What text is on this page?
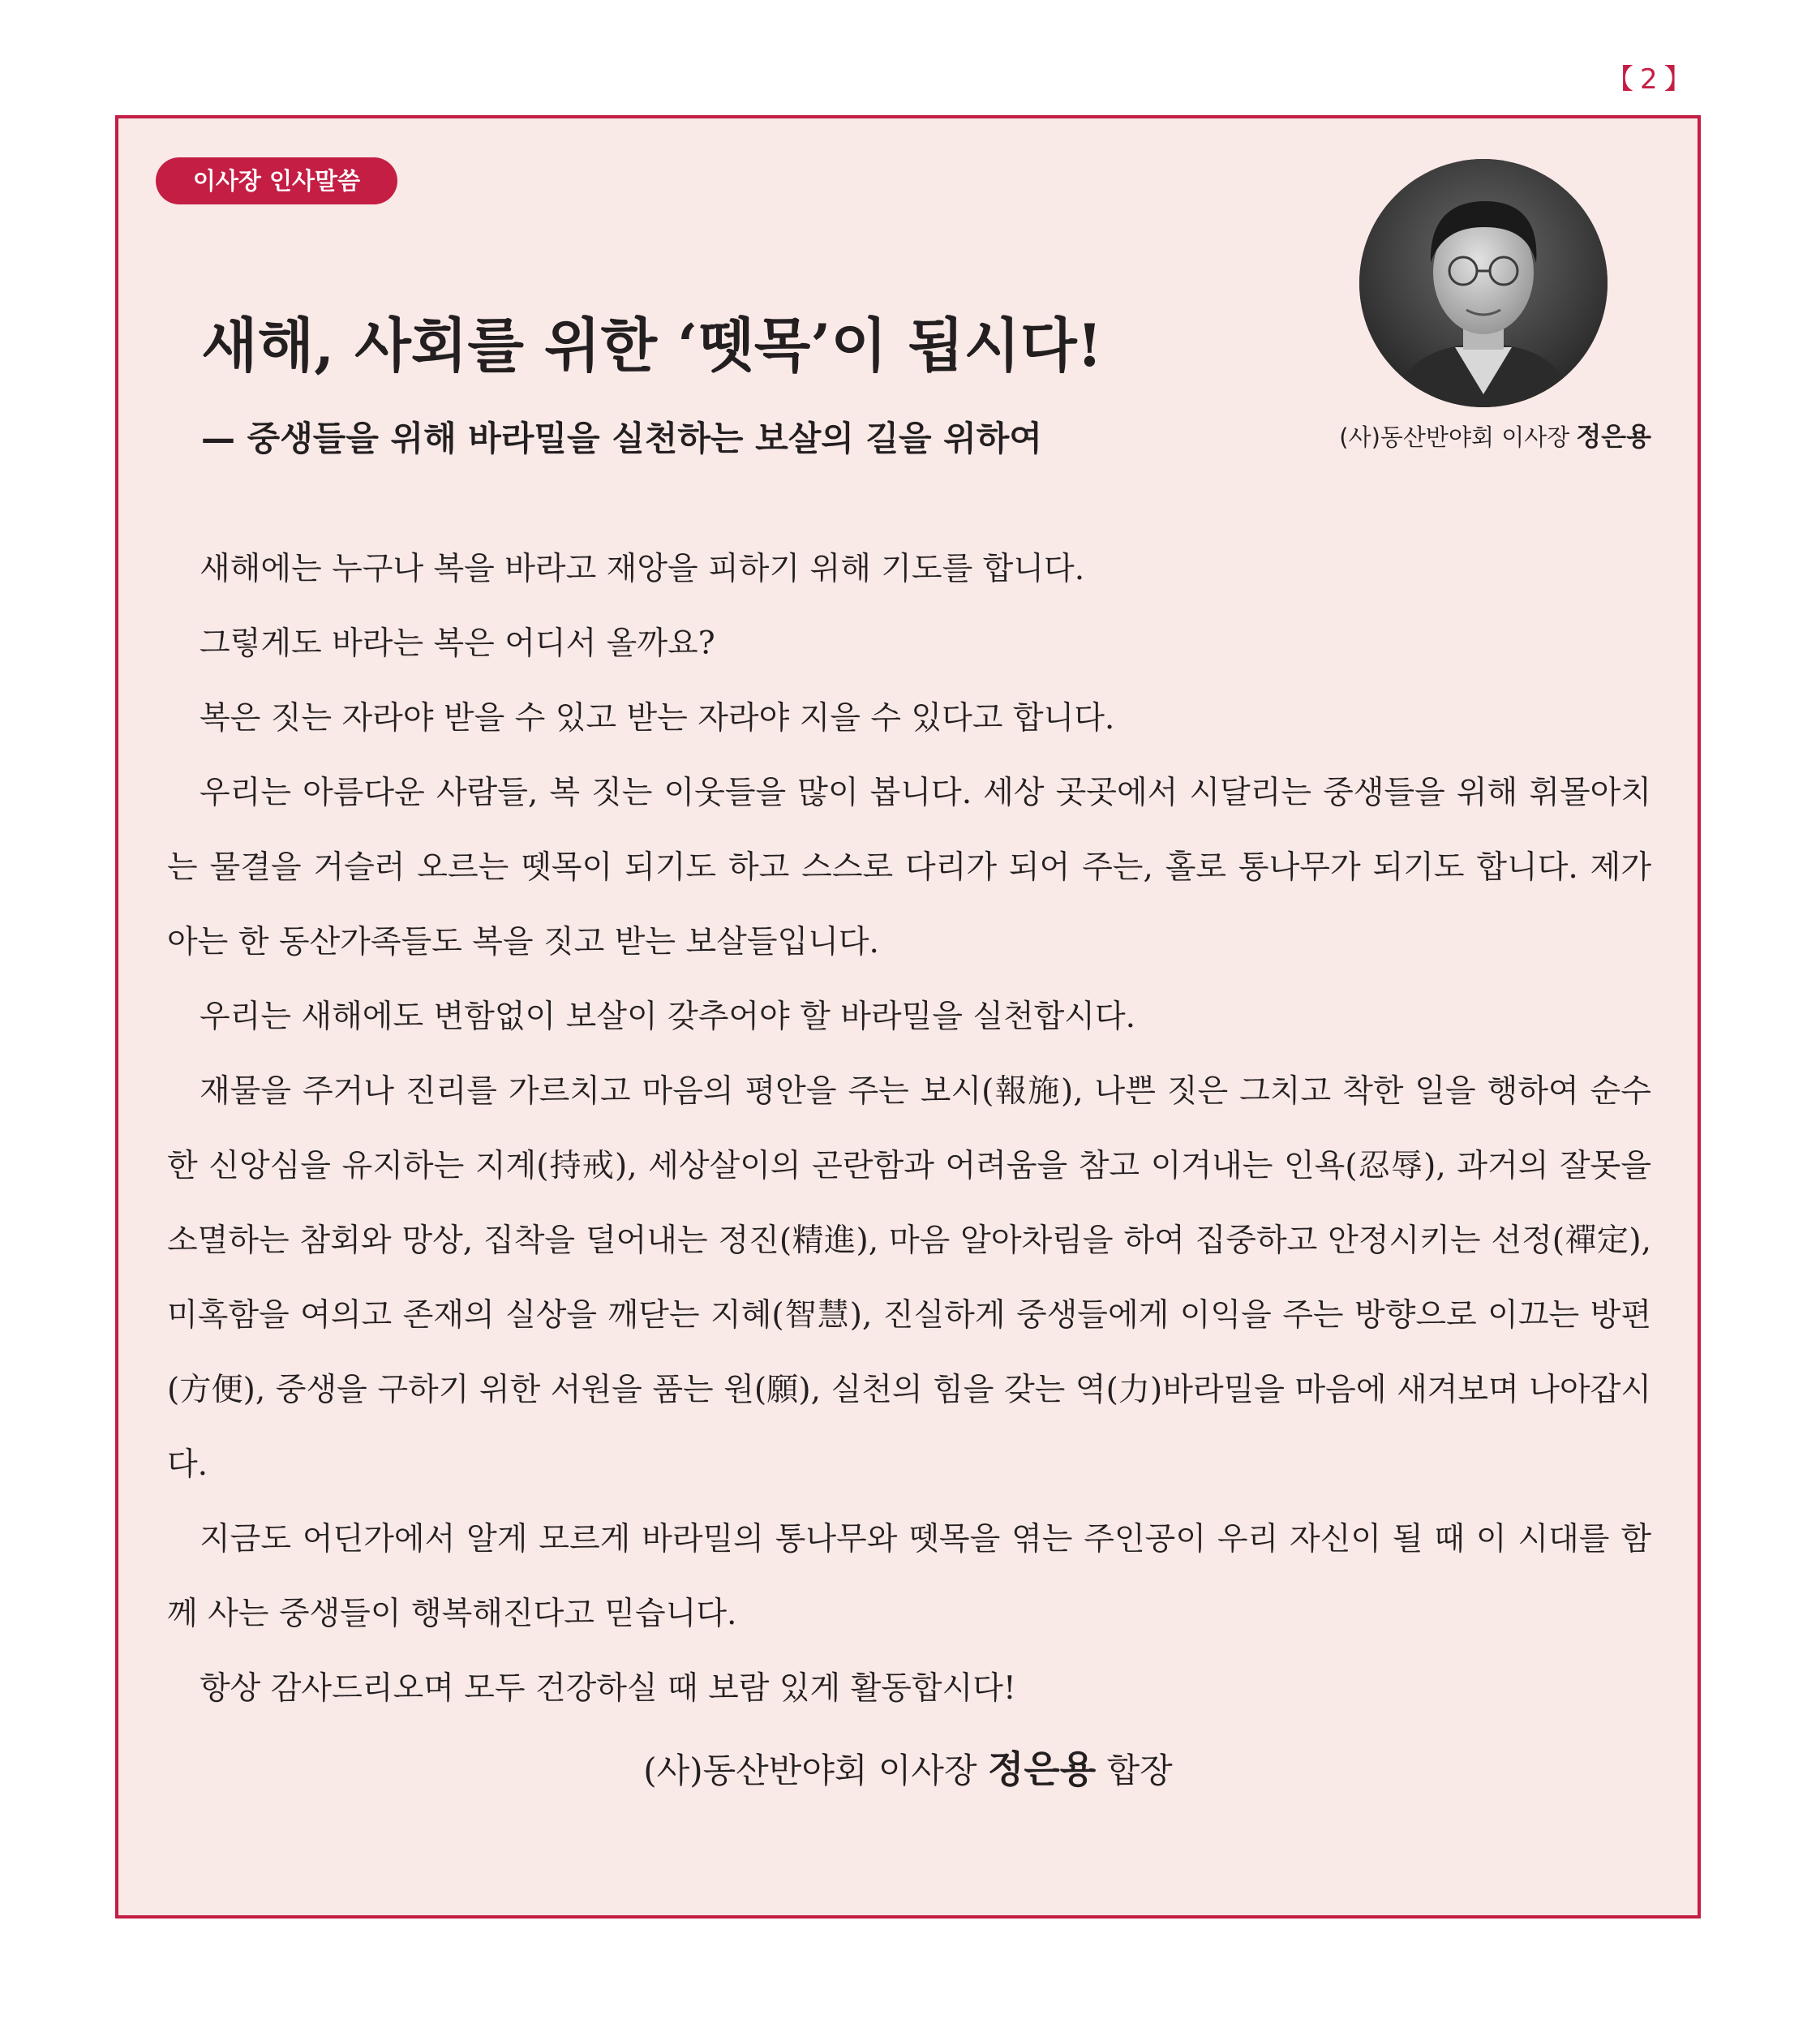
【 2 】
이사장 인사말씀
새해, 사회를 위한 ‘뗏목’이 됩시다!
— 중생들을 위해 바라밀을 실천하는 보살의 길을 위하여	(사)동산반야회 이사장 정은용

새해에는 누구나 복을 바라고 재앙을 피하기 위해 기도를 합니다.

그렇게도 바라는 복은 어디서 올까요?

복은 짓는 자라야 받을 수 있고 받는 자라야 지을 수 있다고 합니다.

우리는 아름다운 사람들, 복 짓는 이웃들을 많이 봅니다. 세상 곳곳에서 시달리는 중생들을 위해 휘몰아치는 물결을 거슬러 오르는 뗏목이 되기도 하고 스스로 다리가 되어 주는, 홀로 통나무가 되기도 합니다. 제가 아는 한 동산가족들도 복을 짓고 받는 보살들입니다.

우리는 새해에도 변함없이 보살이 갖추어야 할 바라밀을 실천합시다.

재물을 주거나 진리를 가르치고 마음의 평안을 주는 보시(報施), 나쁜 짓은 그치고 착한 일을 행하여 순수한 신앙심을 유지하는 지계(持戒), 세상살이의 곤란함과 어려움을 참고 이겨내는 인욕(忍辱), 과거의 잘못을 소멸하는 참회와 망상, 집착을 덜어내는 정진(精進), 마음 알아차림을 하여 집중하고 안정시키는 선정(禪定), 미혹함을 여의고 존재의 실상을 깨닫는 지혜(智慧), 진실하게 중생들에게 이익을 주는 방향으로 이끄는 방편(方便), 중생을 구하기 위한 서원을 품는 원(願), 실천의 힘을 갖는 역(力)바라밀을 마음에 새겨보며 나아갑시다.

지금도 어딘가에서 알게 모르게 바라밀의 통나무와 뗏목을 엮는 주인공이 우리 자신이 될 때 이 시대를 함께 사는 중생들이 행복해진다고 믿습니다.

항상 감사드리오며 모두 건강하실 때 보람 있게 활동합시다!

(사)동산반야회 이사장 정은용 합장
